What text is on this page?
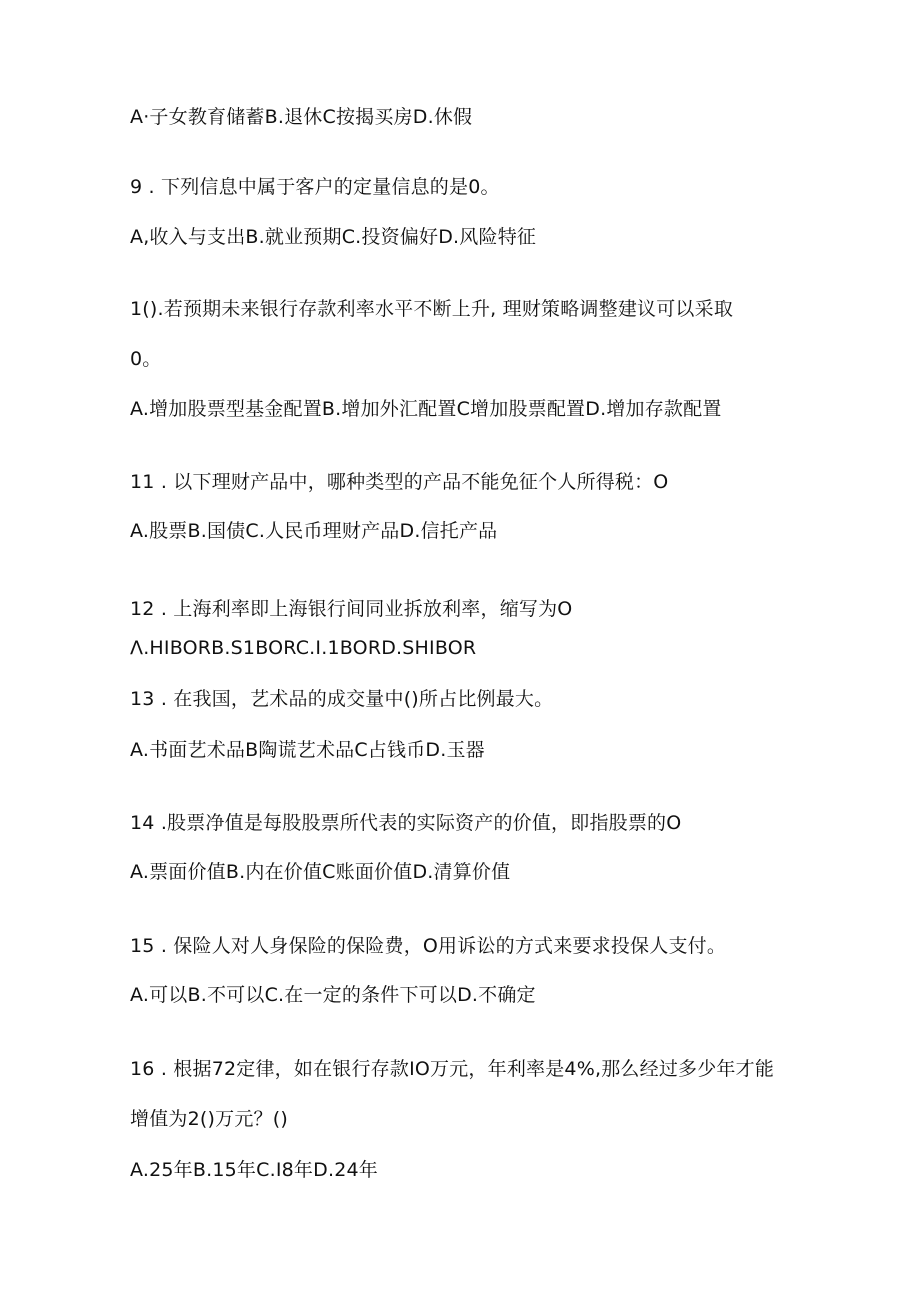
A·子女教育储蓄B.退休C按揭买房D.休假
9 . 下列信息中属于客户的定量信息的是0。
A,收入与支出B.就业预期C.投资偏好D.风险特征
1().若预期未来银行存款利率水平不断上升, 理财策略调整建议可以采取
0。
A.增加股票型基金配置B.增加外汇配置C增加股票配置D.增加存款配置
11 . 以下理财产品中，哪种类型的产品不能免征个人所得税：O
A.股票B.国债C.人民币理财产品D.信托产品
12 . 上海利率即上海银行间同业拆放利率，缩写为O
Λ.HIBORB.S1BORC.I.1BORD.SHIBOR
13 . 在我国，艺术品的成交量中()所占比例最大。
A.书面艺术品B陶谎艺术品C占钱币D.玉器
14 .股票净值是每股股票所代表的实际资产的价值，即指股票的O
A.票面价值B.内在价值C账面价值D.清算价值
15 . 保险人对人身保险的保险费，O用诉讼的方式来要求投保人支付。
A.可以B.不可以C.在一定的条件下可以D.不确定
16 . 根据72定律，如在银行存款IO万元，年利率是4%,那么经过多少年才能
增值为2()万元？()
A.25年B.15年C.I8年D.24年
